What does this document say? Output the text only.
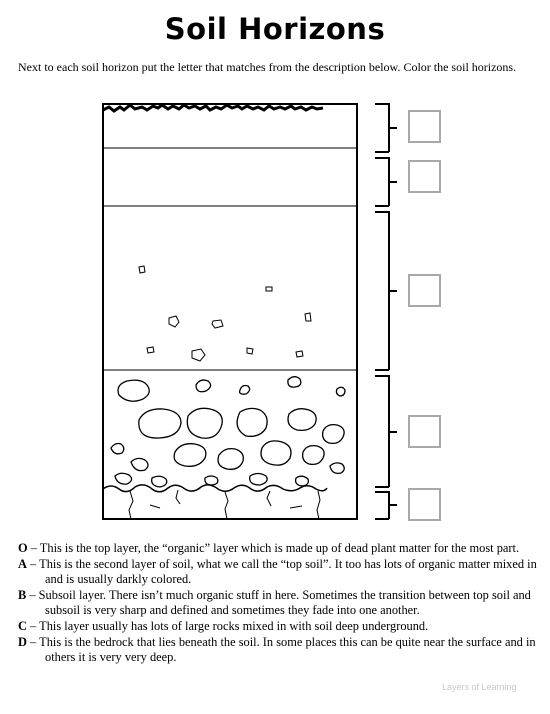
Soil Horizons
Next to each soil horizon put the letter that matches from the description below. Color the soil horizons.

O – This is the top layer, the “organic” layer which is made up of dead plant matter for the most part.

A – This is the second layer of soil, what we call the “top soil”. It too has lots of organic matter mixed in and is usually darkly colored.

B – Subsoil layer. There isn’t much organic stuff in here. Sometimes the transition between top soil and subsoil is very sharp and defined and sometimes they fade into one another.

C – This layer usually has lots of large rocks mixed in with soil deep underground.

D – This is the bedrock that lies beneath the soil. In some places this can be quite near the surface and in others it is very very deep.

Layers of Learning
